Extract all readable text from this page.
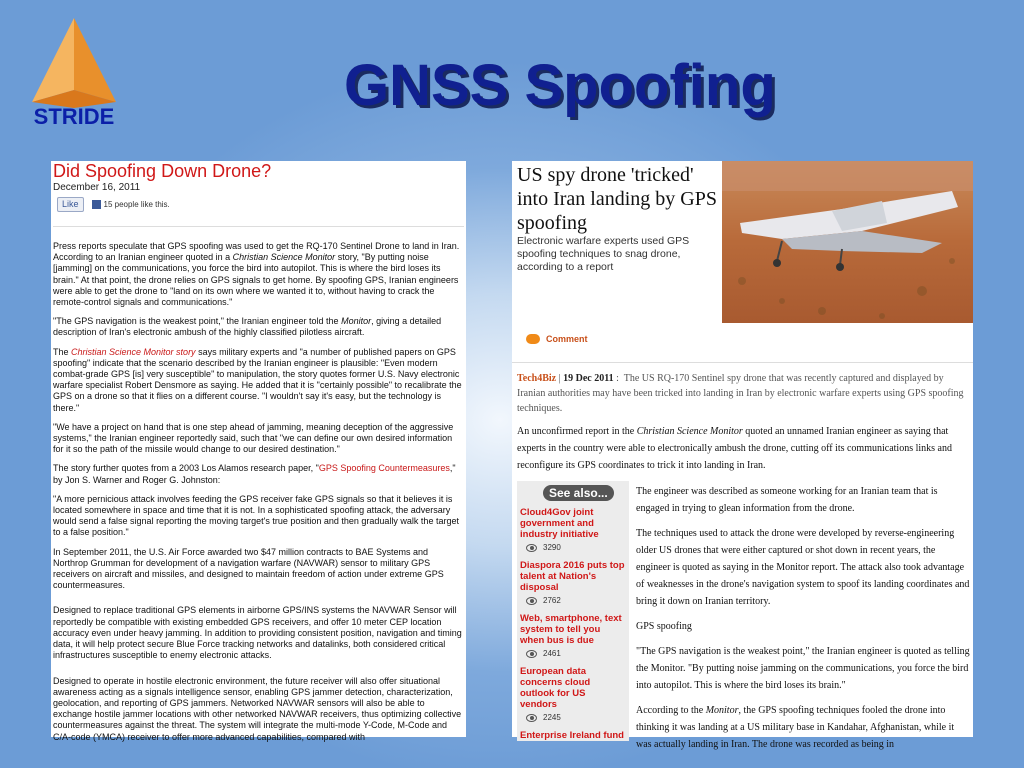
STRIDE	GNSS Spoofing
Did Spoofing Down Drone?
December 16, 2011
Like	15 people like this.

Press reports speculate that GPS spoofing was used to get the RQ-170 Sentinel Drone to land in Iran. According to an Iranian engineer quoted in a Christian Science Monitor story, "By putting noise [jamming] on the communications, you force the bird into autopilot. This is where the bird loses its brain." At that point, the drone relies on GPS signals to get home. By spoofing GPS, Iranian engineers were able to get the drone to "land on its own where we wanted it to, without having to crack the remote-control signals and communications."

"The GPS navigation is the weakest point," the Iranian engineer told the Monitor, giving a detailed description of Iran's electronic ambush of the highly classified pilotless aircraft.

The Christian Science Monitor story says military experts and "a number of published papers on GPS spoofing" indicate that the scenario described by the Iranian engineer is plausible: "Even modern combat-grade GPS [is] very susceptible" to manipulation, the story quotes former U.S. Navy electronic warfare specialist Robert Densmore as saying. He added that it is "certainly possible" to recalibrate the GPS on a drone so that it flies on a different course. "I wouldn't say it's easy, but the technology is there."

"We have a project on hand that is one step ahead of jamming, meaning deception of the aggressive systems," the Iranian engineer reportedly said, such that "we can define our own desired information for it so the path of the missile would change to our desired destination."

The story further quotes from a 2003 Los Alamos research paper, "GPS Spoofing Countermeasures," by Jon S. Warner and Roger G. Johnston:

"A more pernicious attack involves feeding the GPS receiver fake GPS signals so that it believes it is located somewhere in space and time that it is not. In a sophisticated spoofing attack, the adversary would send a false signal reporting the moving target's true position and then gradually walk the target to a false position."

In September 2011, the U.S. Air Force awarded two $47 million contracts to BAE Systems and Northrop Grumman for development of a navigation warfare (NAVWAR) sensor to military GPS receivers on aircraft and missiles, and designed to maintain freedom of action under extreme GPS countermeasures.

Designed to replace traditional GPS elements in airborne GPS/INS systems the NAVWAR Sensor will reportedly be compatible with existing embedded GPS receivers, and offer 10 meter CEP location accuracy even under heavy jamming. In addition to providing consistent position, navigation and timing data, it will help protect secure Blue Force tracking networks and datalinks, both considered critical infrastructures susceptible to enemy electronic attacks.

Designed to operate in hostile electronic environment, the future receiver will also offer situational awareness acting as a signals intelligence sensor, enabling GPS jammer detection, characterization, geolocation, and reporting of GPS jammers. Networked NAVWAR sensors will also be able to exchange hostile jammer locations with other networked NAVWAR receivers, thus optimizing collective countermeasures against the threat. The system will integrate the multi-mode Y-Code, M-Code and C/A-code (YMCA) receiver to offer more advanced capabilities, compared with

US spy drone 'tricked' into Iran landing by GPS spoofing
Electronic warfare experts used GPS spoofing techniques to snag drone, according to a report
Comment
Tech4Biz | 19 Dec 2011 :  The US RQ-170 Sentinel spy drone that was recently captured and displayed by Iranian authorities may have been tricked into landing in Iran by electronic warfare experts using GPS spoofing techniques.
An unconfirmed report in the Christian Science Monitor quoted an unnamed Iranian engineer as saying that experts in the country were able to electronically ambush the drone, cutting off its communications links and reconfigure its GPS coordinates to trick it into landing in Iran.
See also...
Cloud4Gov joint government and industry initiative
3290
Diaspora 2016 puts top talent at Nation's disposal
2762
Web, smartphone, text system to tell you when bus is due
2461
European data concerns cloud outlook for US vendors
2245
Enterprise Ireland fund

The engineer was described as someone working for an Iranian team that is engaged in trying to glean information from the drone.

The techniques used to attack the drone were developed by reverse-engineering older US drones that were either captured or shot down in recent years, the engineer is quoted as saying in the Monitor report. The attack also took advantage of weaknesses in the drone's navigation system to spoof its landing coordinates and bring it down on Iranian territory.

GPS spoofing

"The GPS navigation is the weakest point," the Iranian engineer is quoted as telling the Monitor. "By putting noise jamming on the communications, you force the bird into autopilot. This is where the bird loses its brain."

According to the Monitor, the GPS spoofing techniques fooled the drone into thinking it was landing at a US military base in Kandahar, Afghanistan, while it was actually landing in Iran. The drone was recorded as being in
